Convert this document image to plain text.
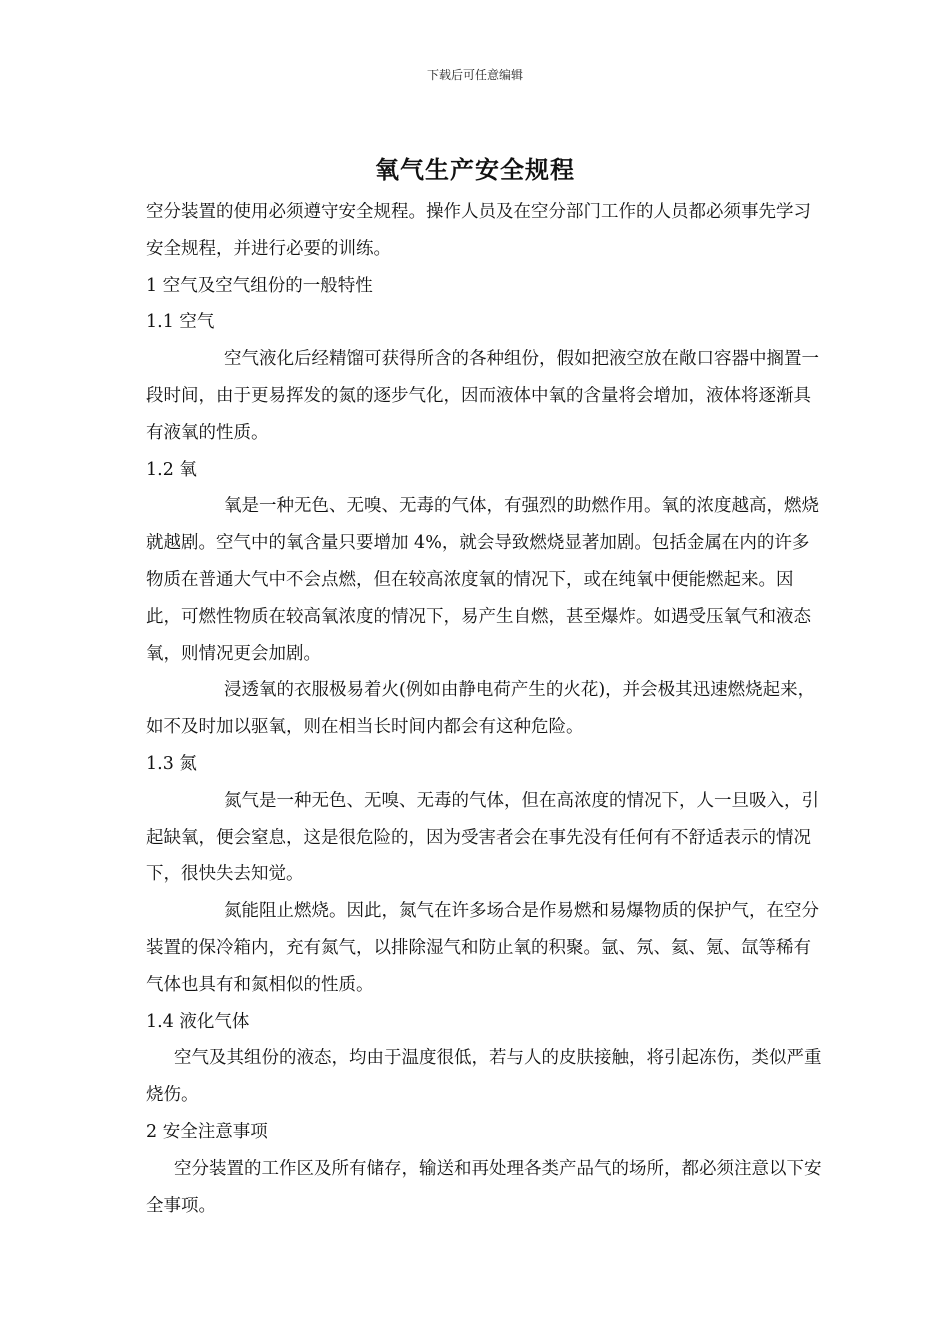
下载后可任意编辑
氧气生产安全规程

空分装置的使用必须遵守安全规程。操作人员及在空分部门工作的人员都必须事先学习安全规程，并进行必要的训练。

1 空气及空气组份的一般特性

1.1 空气

空气液化后经精馏可获得所含的各种组份，假如把液空放在敞口容器中搁置一段时间，由于更易挥发的氮的逐步气化，因而液体中氧的含量将会增加，液体将逐渐具有液氧的性质。

1.2 氧

氧是一种无色、无嗅、无毒的气体，有强烈的助燃作用。氧的浓度越高，燃烧就越剧。空气中的氧含量只要增加 4%，就会导致燃烧显著加剧。包括金属在内的许多物质在普通大气中不会点燃，但在较高浓度氧的情况下，或在纯氧中便能燃起来。因此，可燃性物质在较高氧浓度的情况下，易产生自燃，甚至爆炸。如遇受压氧气和液态氧，则情况更会加剧。

浸透氧的衣服极易着火(例如由静电荷产生的火花)，并会极其迅速燃烧起来，如不及时加以驱氧，则在相当长时间内都会有这种危险。

1.3 氮

氮气是一种无色、无嗅、无毒的气体，但在高浓度的情况下，人一旦吸入，引起缺氧，便会窒息，这是很危险的，因为受害者会在事先没有任何有不舒适表示的情况下，很快失去知觉。

氮能阻止燃烧。因此，氮气在许多场合是作易燃和易爆物质的保护气，在空分装置的保冷箱内，充有氮气，以排除湿气和防止氧的积聚。氩、氖、氦、氪、氙等稀有气体也具有和氮相似的性质。

1.4 液化气体

空气及其组份的液态，均由于温度很低，若与人的皮肤接触，将引起冻伤，类似严重烧伤。

2 安全注意事项

空分装置的工作区及所有储存，输送和再处理各类产品气的场所，都必须注意以下安全事项。
